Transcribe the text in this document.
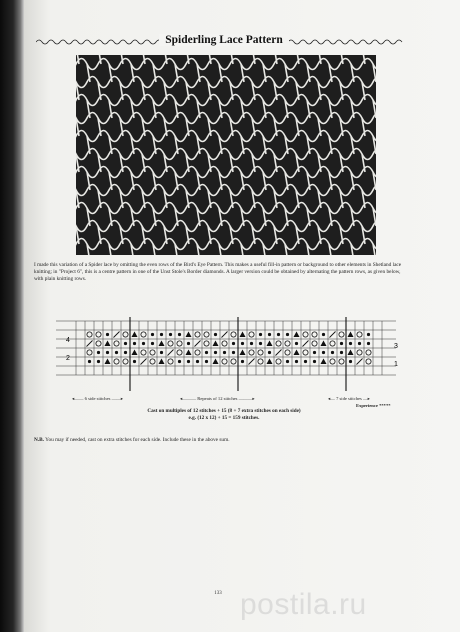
Spiderling Lace Pattern
I made this variation of a Spider lace by omitting the even rows of the Bird's Eye Pattern. This makes a useful fill-in pattern or background to other elements in Shetland lace knitting; in "Project 6", this is a centre pattern in one of the Unst Stole's Border diamonds. A larger version could be obtained by alternating the pattern rows, as given below, with plain knitting rows.
4
2
3
1
◂—— 6 side stitches ——▸	◂——— Repeats of 12 stitches ———▸	◂— 7 side stitches —▸
Experience *****
Cast on multiples of 12 stitches + 15 (8 + 7 extra stitches on each side)
e.g. (12 x 12) + 15 = 159 stitches.
N.B. You may if needed, cast on extra stitches for each side. Include these in the above sum.
133 postila.ru
